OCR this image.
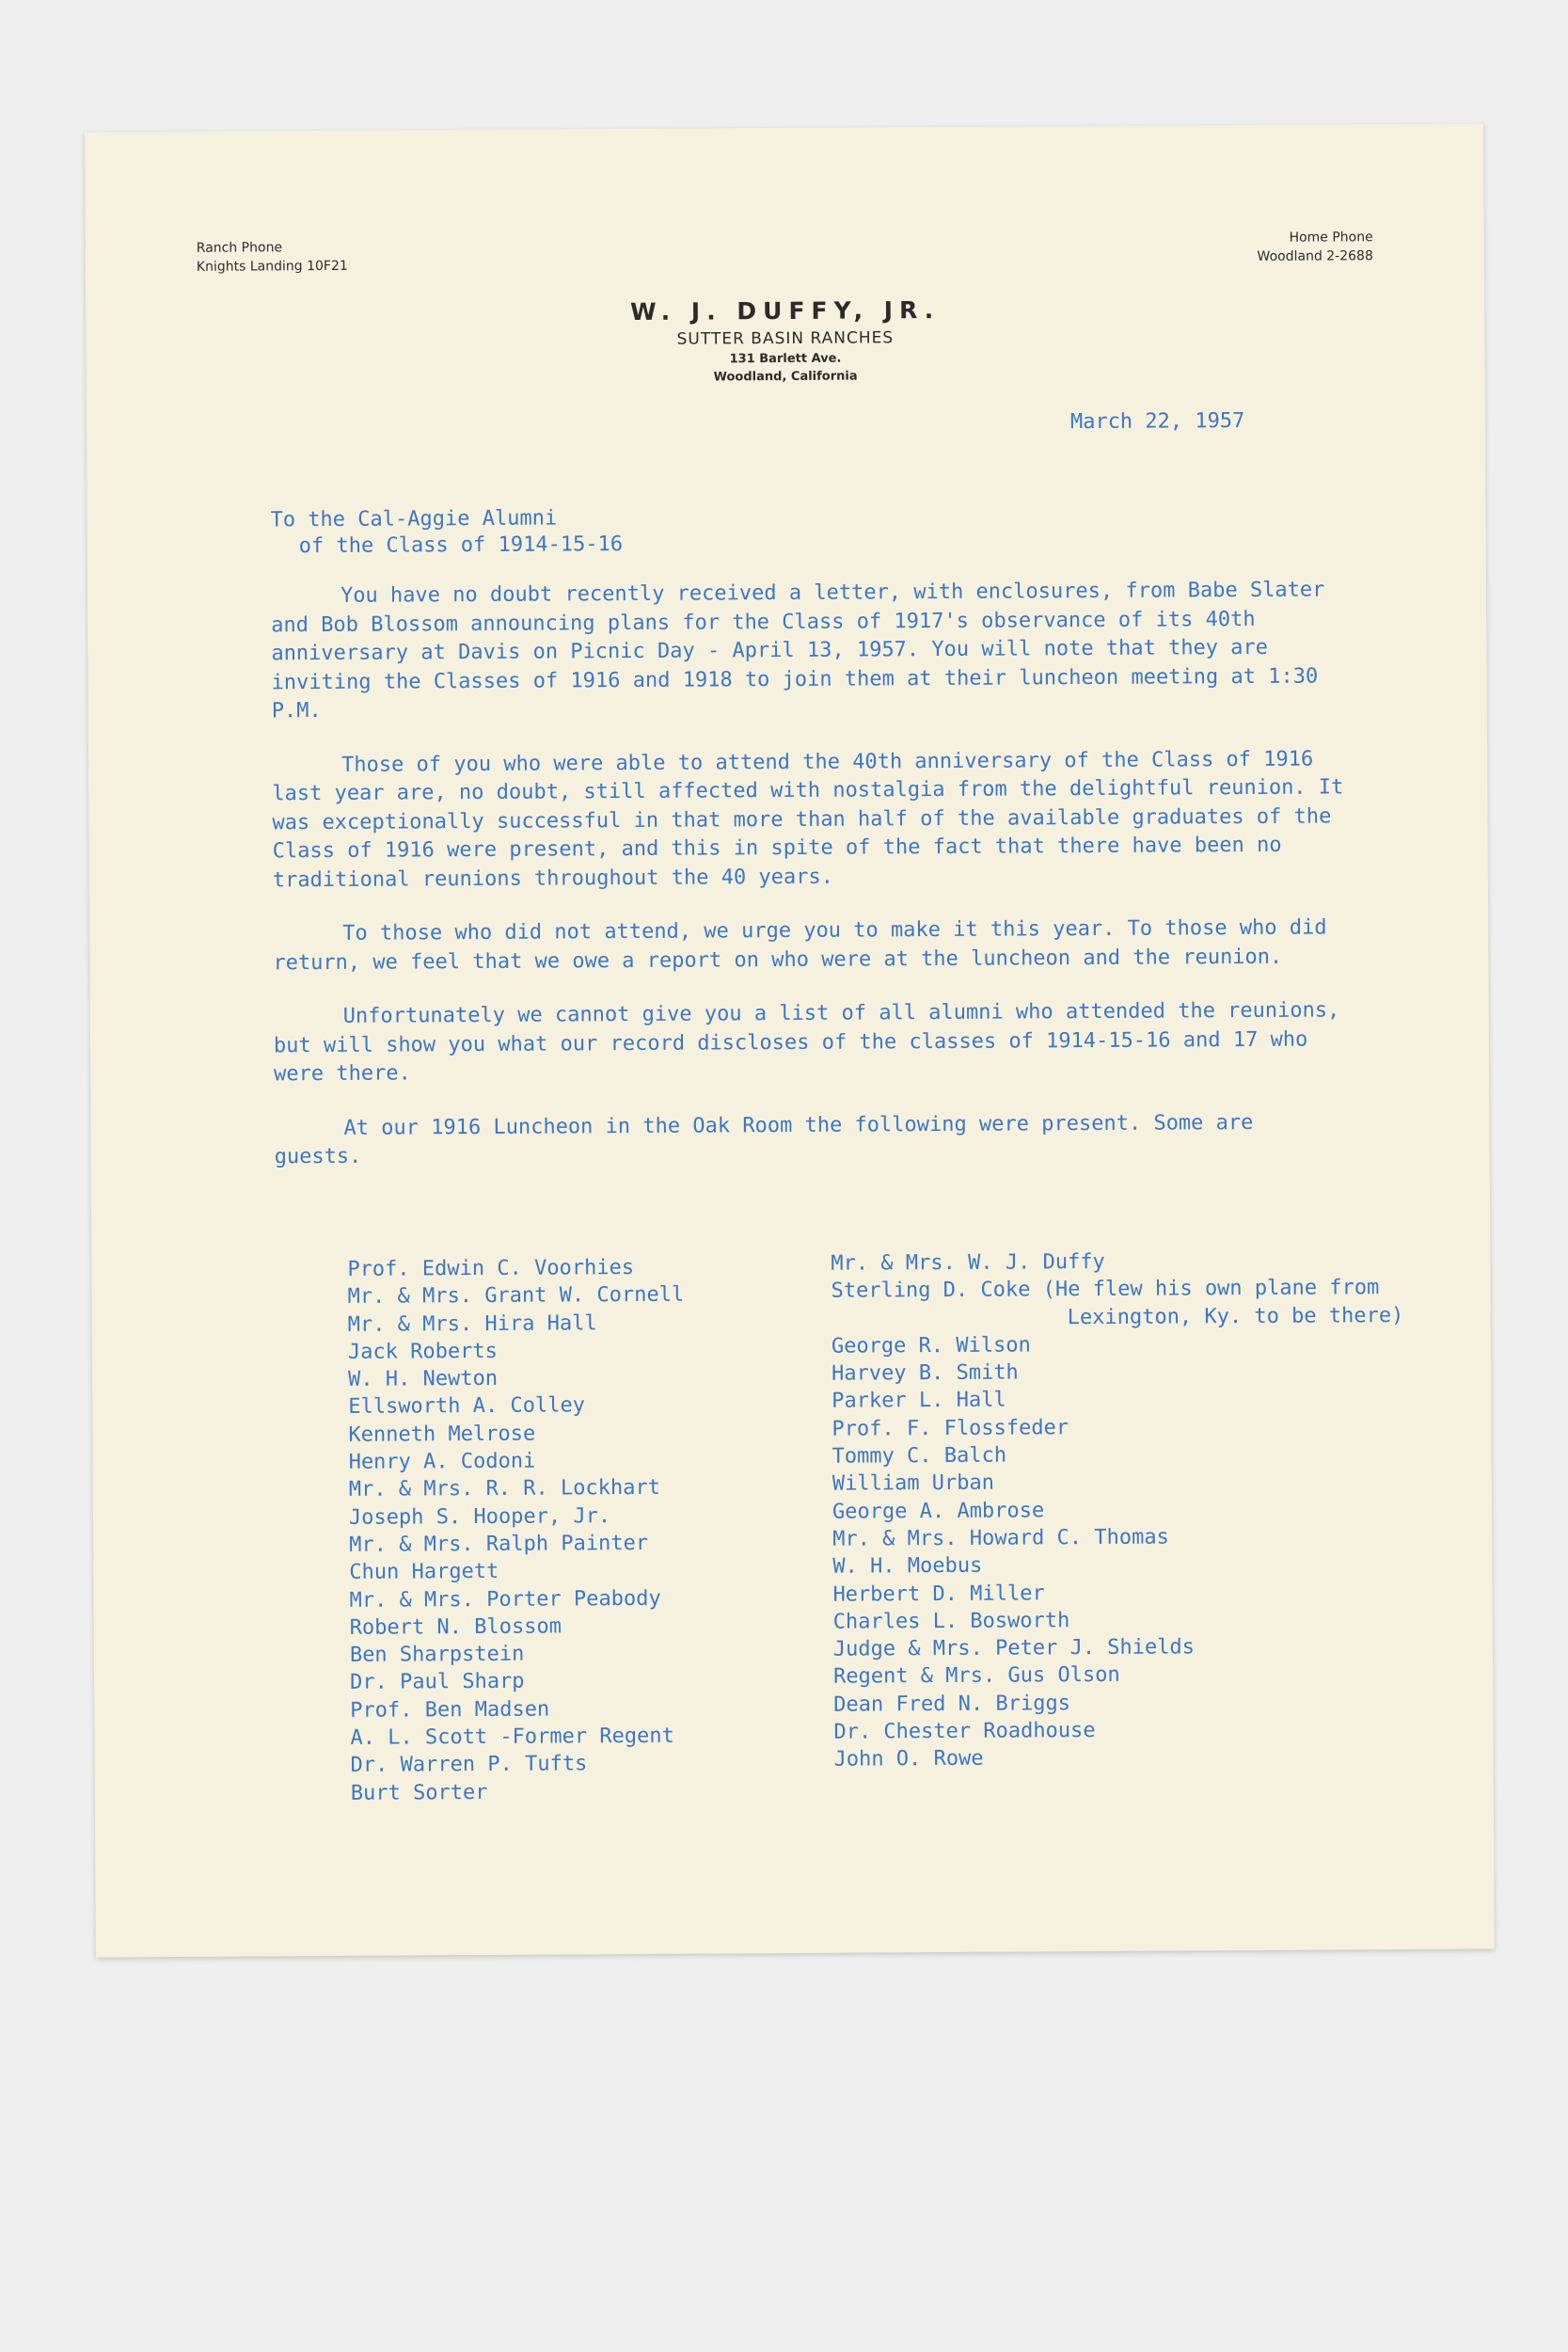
Ranch Phone
Knights Landing 10F21
Home Phone
Woodland 2-2688
W. J. DUFFY, JR.
SUTTER BASIN RANCHES
131 Barlett Ave.
Woodland, California
March 22, 1957
To the Cal-Aggie Alumni
of the Class of 1914-15-16

You have no doubt recently received a letter, with enclosures, from Babe Slater and Bob Blossom announcing plans for the Class of 1917's observance of its 40th anniversary at Davis on Picnic Day - April 13, 1957. You will note that they are inviting the Classes of 1916 and 1918 to join them at their luncheon meeting at 1:30 P.M.

Those of you who were able to attend the 40th anniversary of the Class of 1916 last year are, no doubt, still affected with nostalgia from the delightful reunion. It was exceptionally successful in that more than half of the available graduates of the Class of 1916 were present, and this in spite of the fact that there have been no traditional reunions throughout the 40 years.

To those who did not attend, we urge you to make it this year. To those who did return, we feel that we owe a report on who were at the luncheon and the reunion.

Unfortunately we cannot give you a list of all alumni who attended the reunions, but will show you what our record discloses of the classes of 1914-15-16 and 17 who were there.

At our 1916 Luncheon in the Oak Room the following were present. Some are guests.

Prof. Edwin C. Voorhies
Mr. & Mrs. Grant W. Cornell
Mr. & Mrs. Hira Hall
Jack Roberts
W. H. Newton
Ellsworth A. Colley
Kenneth Melrose
Henry A. Codoni
Mr. & Mrs. R. R. Lockhart
Joseph S. Hooper, Jr.
Mr. & Mrs. Ralph Painter
Chun Hargett
Mr. & Mrs. Porter Peabody
Robert N. Blossom
Ben Sharpstein
Dr. Paul Sharp
Prof. Ben Madsen
A. L. Scott -Former Regent
Dr. Warren P. Tufts
Burt Sorter
Mr. & Mrs. W. J. Duffy
Sterling D. Coke (He flew his own plane from
Lexington, Ky. to be there)
George R. Wilson
Harvey B. Smith
Parker L. Hall
Prof. F. Flossfeder
Tommy C. Balch
William Urban
George A. Ambrose
Mr. & Mrs. Howard C. Thomas
W. H. Moebus
Herbert D. Miller
Charles L. Bosworth
Judge & Mrs. Peter J. Shields
Regent & Mrs. Gus Olson
Dean Fred N. Briggs
Dr. Chester Roadhouse
John O. Rowe
